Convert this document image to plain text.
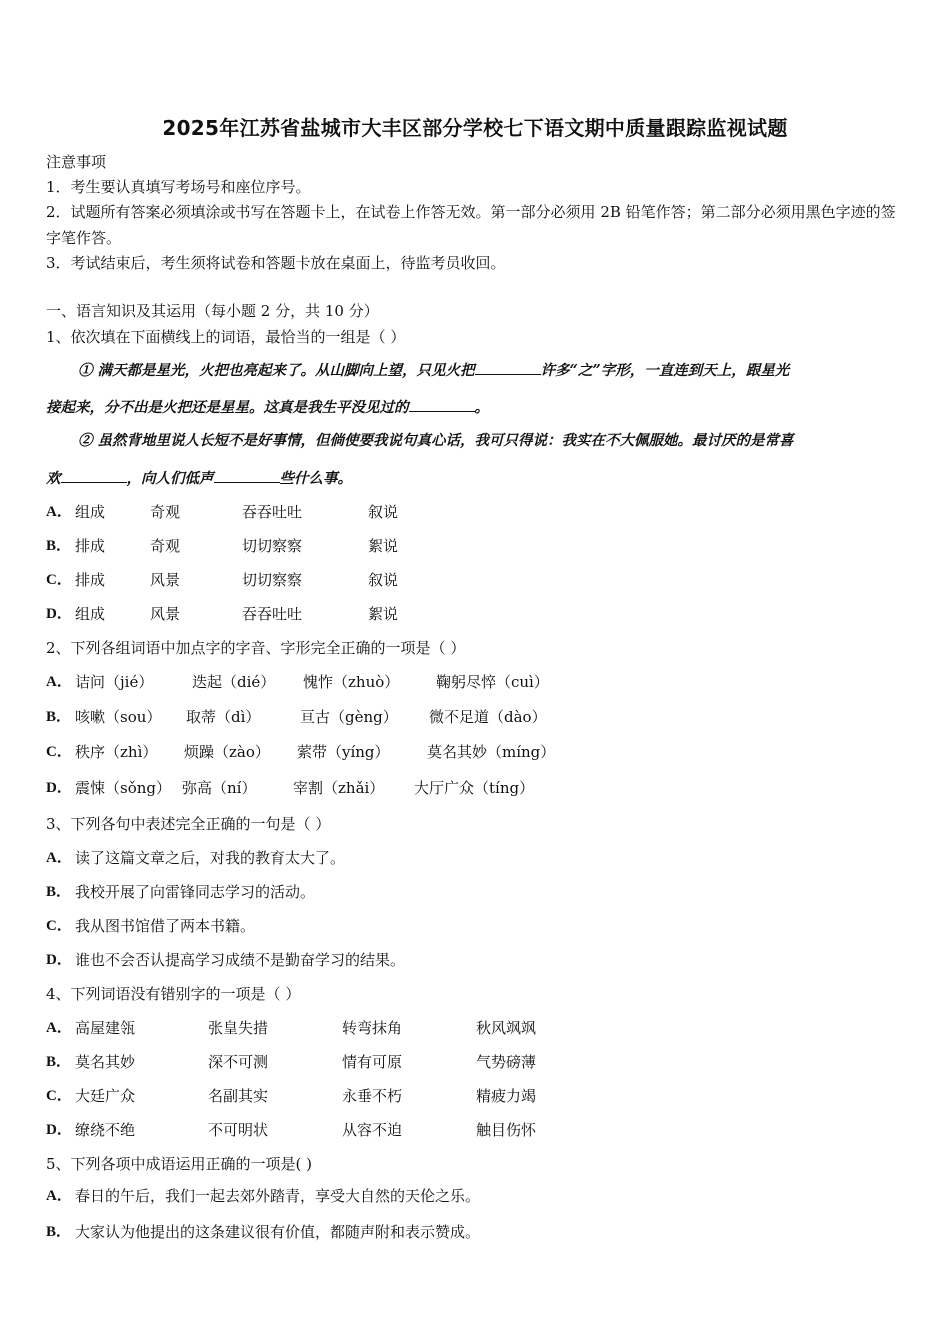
2025年江苏省盐城市大丰区部分学校七下语文期中质量跟踪监视试题
注意事项
1．考生要认真填写考场号和座位序号。
2．试题所有答案必须填涂或书写在答题卡上，在试卷上作答无效。第一部分必须用 2B 铅笔作答；第二部分必须用黑色字迹的签字笔作答。
3．考试结束后，考生须将试卷和答题卡放在桌面上，待监考员收回。
一、语言知识及其运用（每小题 2 分，共 10 分）
1、依次填在下面横线上的词语，最恰当的一组是（ ）
① 满天都是星光，火把也亮起来了。从山脚向上望，只见火把	许多“之”字形，一直连到天上，跟星光
接起来，分不出是火把还是星星。这真是我生平没见过的	。
② 虽然背地里说人长短不是好事情，但倘使要我说句真心话，我可只得说：我实在不大佩服她。最讨厌的是常喜
欢	，向人们低声	些什么事。
A． 组成	奇观	吞吞吐吐	叙说
B． 排成	奇观	切切察察	絮说
C． 排成	风景	切切察察	叙说
D． 组成	风景	吞吞吐吐	絮说
2、下列各组词语中加点字的字音、字形完全正确的一项是（ ）
A． 诘问（jié）	迭起（dié） 愧怍（zhuò） 鞠躬尽悴（cuì）
B． 咳嗽（sou） 取蒂（dì）	亘古（gèng） 微不足道（dào）
C． 秩序（zhì） 烦躁（zào） 萦带（yíng） 莫名其妙（míng）
D． 震悚（sǒng） 弥高（ní） 宰割（zhǎi） 大厅广众（tíng）
3、下列各句中表述完全正确的一句是（ ）
A． 读了这篇文章之后，对我的教育太大了。
B． 我校开展了向雷锋同志学习的活动。
C． 我从图书馆借了两本书籍。
D． 谁也不会否认提高学习成绩不是勤奋学习的结果。
4、下列词语没有错别字的一项是（ ）
A． 高屋建瓴	张皇失措	转弯抹角	秋风飒飒
B． 莫名其妙	深不可测	情有可原	气势磅薄
C． 大廷广众	名副其实	永垂不朽	精疲力竭
D． 缭绕不绝	不可明状	从容不迫	触目伤怀
5、下列各项中成语运用正确的一项是( )
A． 春日的午后，我们一起去郊外踏青，享受大自然的天伦之乐。
B． 大家认为他提出的这条建议很有价值，都随声附和表示赞成。
